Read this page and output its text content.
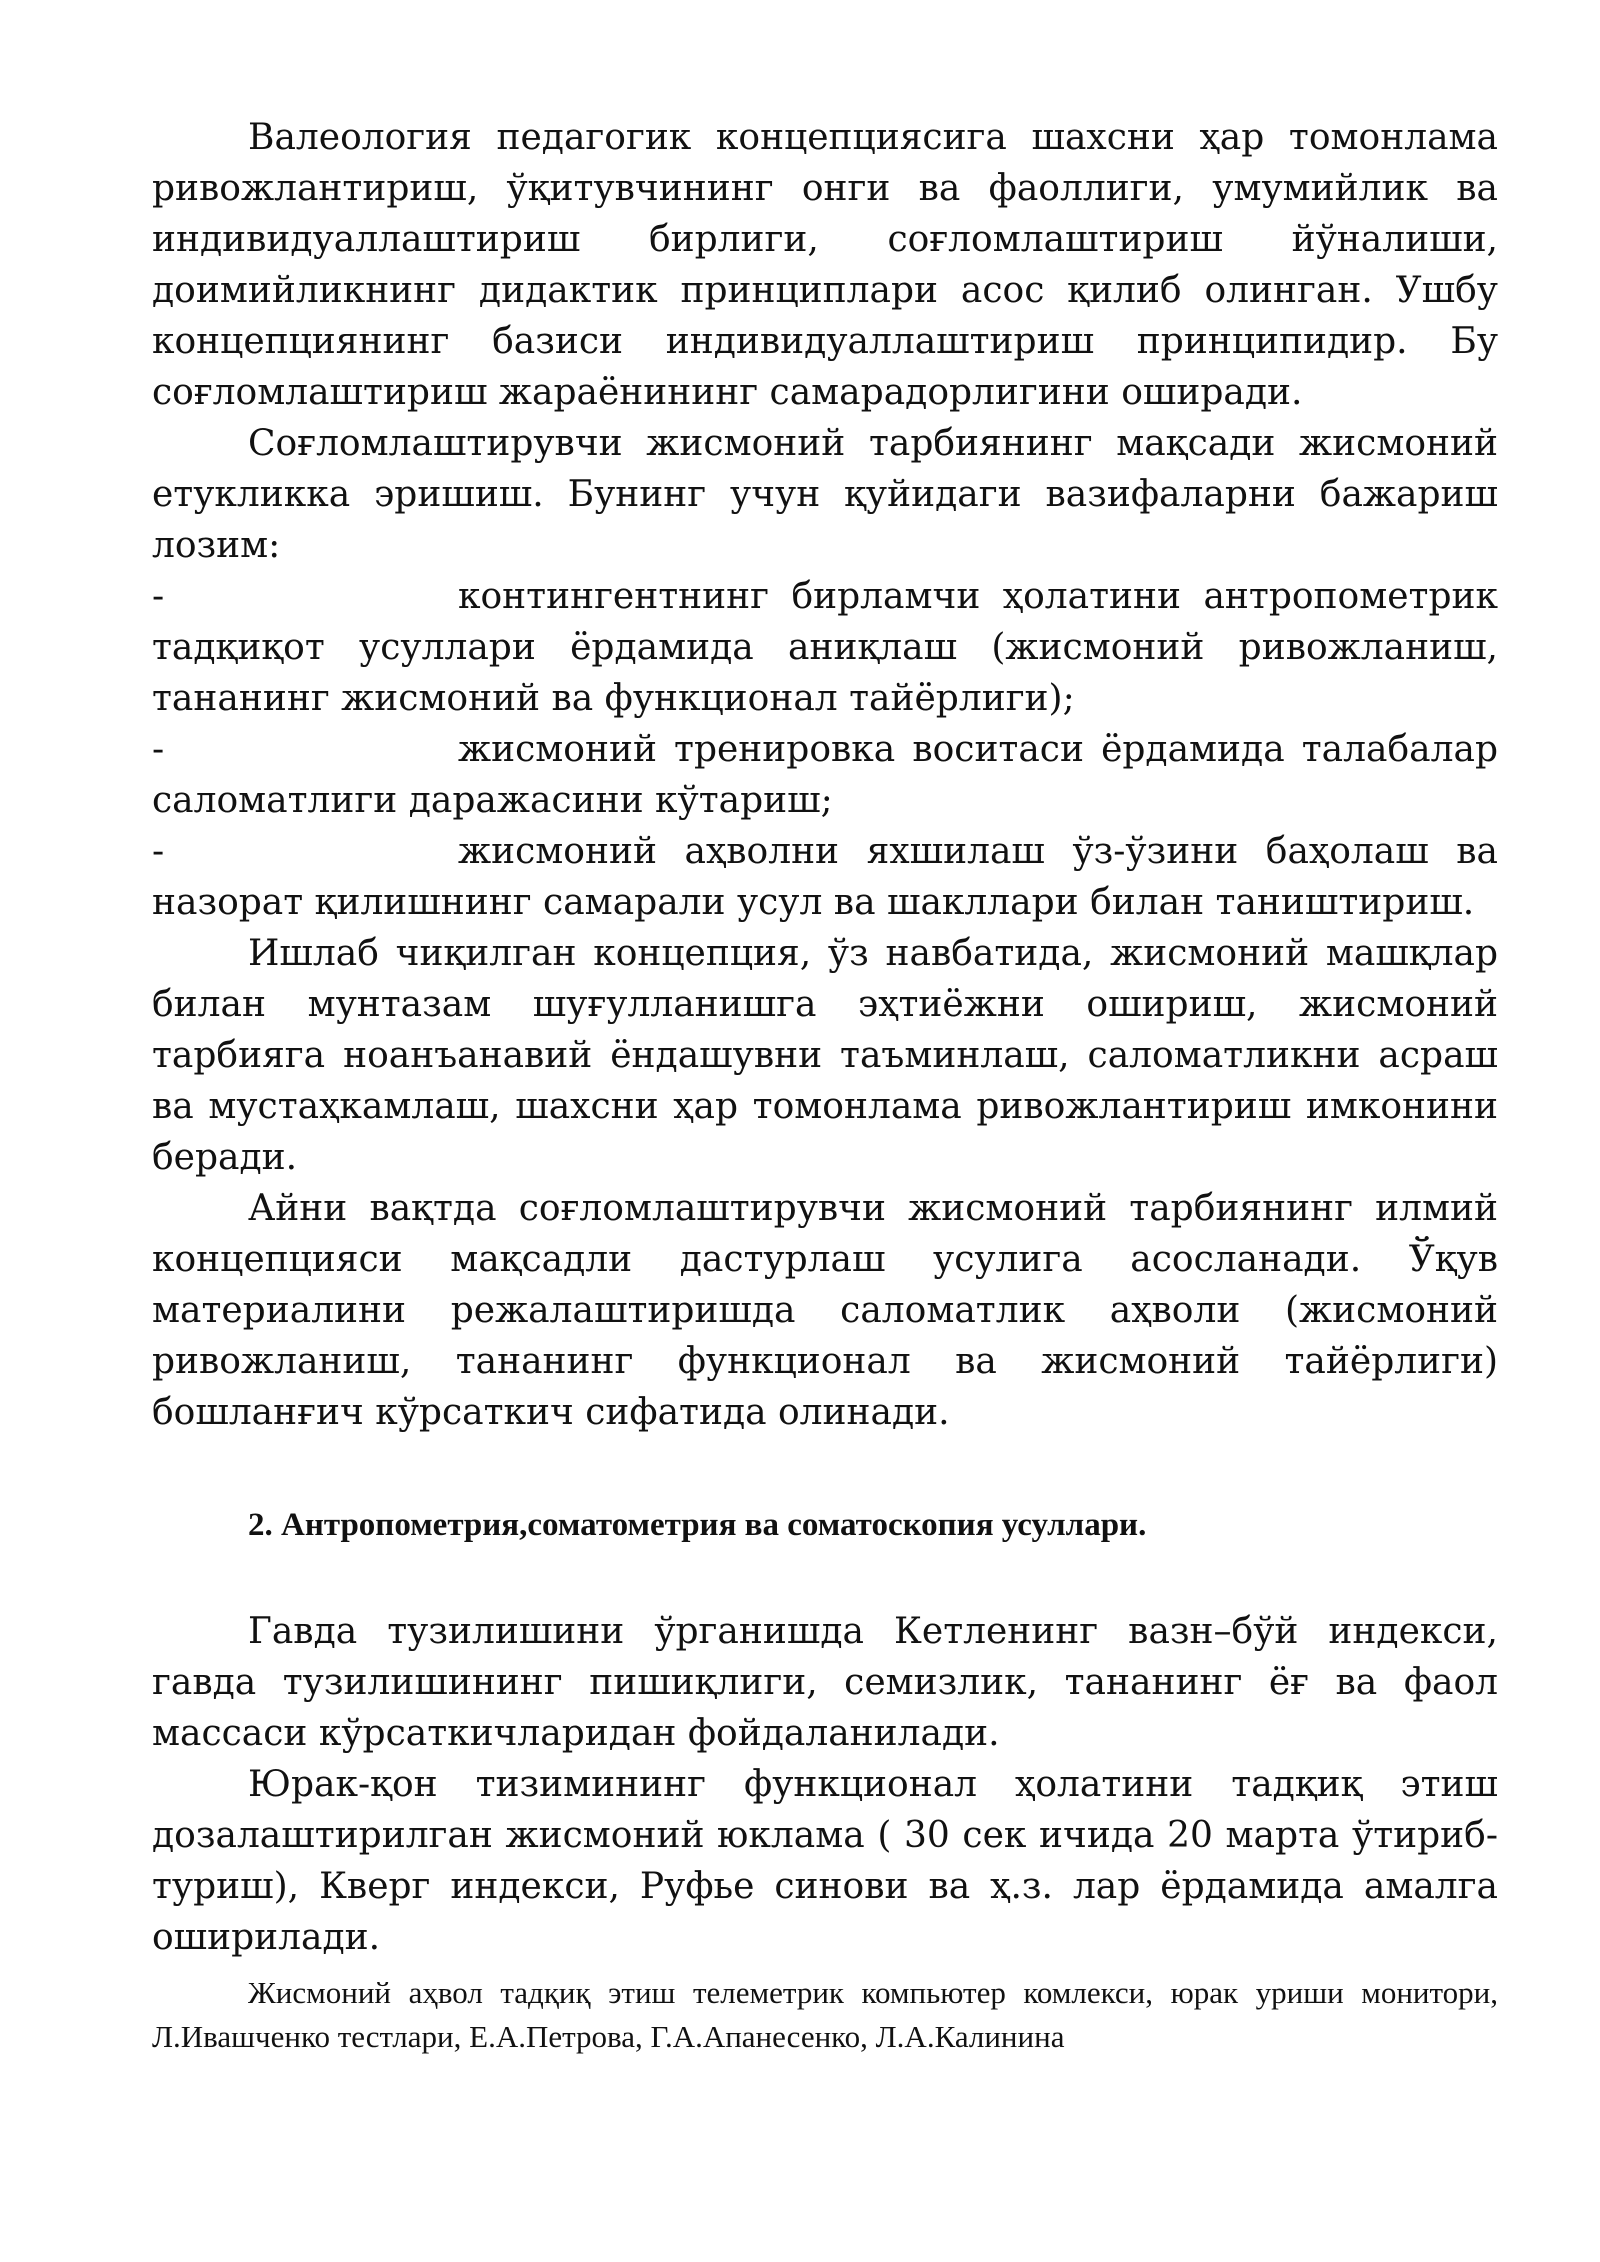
Валеология педагогик концепциясига шахсни ҳар томонлама ривожлантириш, ўқитувчининг онги ва фаоллиги, умумийлик ва индивидуаллаштириш бирлиги, соғломлаштириш йўналиши, доимийликнинг дидактик принциплари асос қилиб олинган. Ушбу концепциянинг базиси индивидуаллаштириш принципидир. Бу соғломлаштириш жараёнининг самарадорлигини оширади.

Соғломлаштирувчи жисмоний тарбиянинг мақсади жисмоний етукликка эришиш. Бунинг учун қуйидаги вазифаларни бажариш лозим:

-	контингентнинг бирламчи ҳолатини антропометрик тадқиқот усуллари ёрдамида аниқлаш (жисмоний ривожланиш, тананинг жисмоний ва функционал тайёрлиги);

-	жисмоний тренировка воситаси ёрдамида талабалар саломатлиги даражасини кўтариш;

-	жисмоний аҳволни яхшилаш ўз-ўзини баҳолаш ва назорат қилишнинг самарали усул ва шакллари билан таништириш.

Ишлаб чиқилган концепция, ўз навбатида, жисмоний машқлар билан мунтазам шуғулланишга эҳтиёжни ошириш, жисмоний тарбияга ноанъанавий ёндашувни таъминлаш, саломатликни асраш ва мустаҳкамлаш, шахсни ҳар томонлама ривожлантириш имконини беради.

Айни вақтда соғломлаштирувчи жисмоний тарбиянинг илмий концепцияси мақсадли дастурлаш усулига асосланади. Ўқув материалини режалаштиришда саломатлик аҳволи (жисмоний ривожланиш, тананинг функционал ва жисмоний тайёрлиги) бошланғич кўрсаткич сифатида олинади.

2. Антропометрия,соматометрия ва соматоскопия усуллари.

Гавда тузилишини ўрганишда Кетленинг вазн–бўй индекси, гавда тузилишининг пишиқлиги, семизлик, тананинг ёғ ва фаол массаси кўрсаткичларидан фойдаланилади.

Юрак-қон тизимининг функционал ҳолатини тадқиқ этиш дозалаштирилган жисмоний юклама ( 30 сек ичида 20 марта ўтириб-туриш), Кверг индекси, Руфье синови ва ҳ.з. лар ёрдамида амалга оширилади.

Жисмоний аҳвол тадқиқ этиш телеметрик компьютер комлекси, юрак уриши монитори, Л.Ивашченко тестлари, Е.А.Петрова, Г.А.Апанесенко, Л.А.Калинина
